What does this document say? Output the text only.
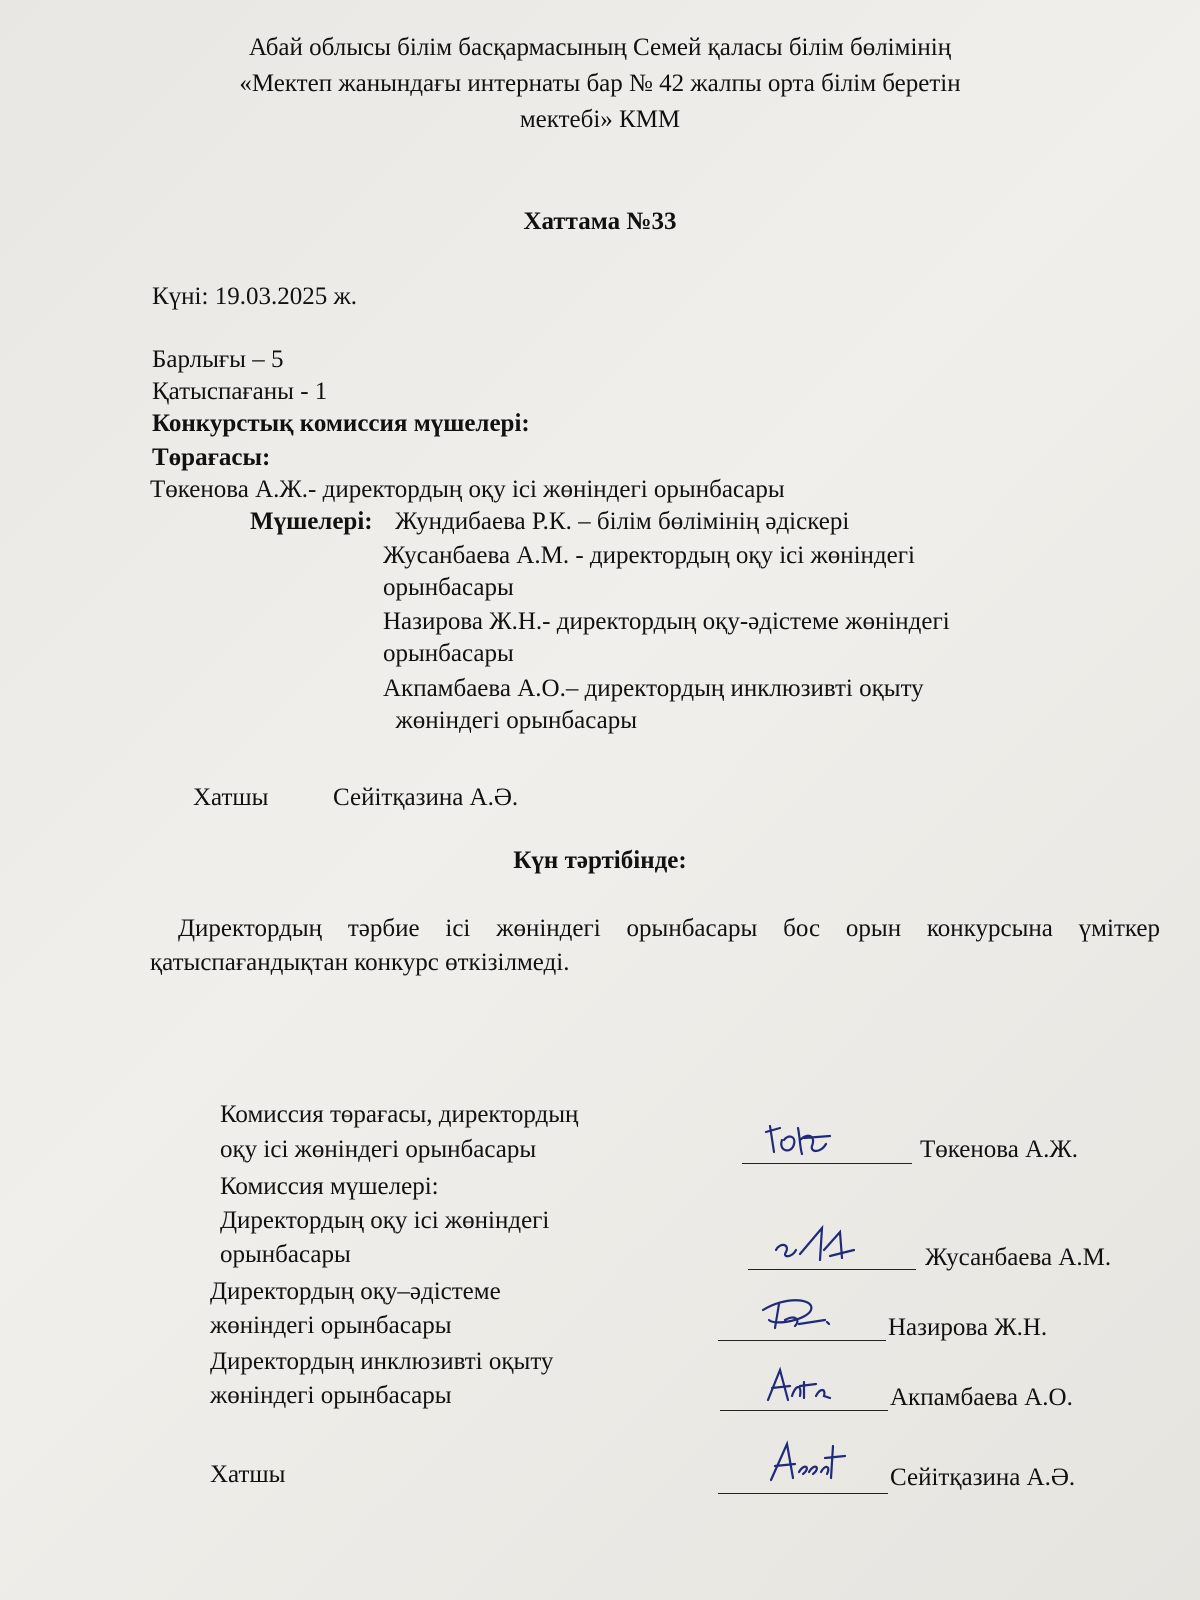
Абай облысы білім басқармасының Семей қаласы білім бөлімінің
«Мектеп жанындағы интернаты бар № 42 жалпы орта білім беретін
мектебі» КММ
Хаттама №33
Күні: 19.03.2025 ж.
Барлығы – 5
Қатыспағаны - 1
Конкурстық комиссия мүшелері:
Төрағасы:
Төкенова А.Ж.- директордың оқу ісі жөніндегі орынбасары
Мүшелері: Жундибаева Р.К. – білім бөлімінің әдіскері
Жусанбаева А.М. - директордың оқу ісі жөніндегі
орынбасары
Назирова Ж.Н.- директордың оқу-әдістеме жөніндегі
орынбасары
Акпамбаева А.О.– директордың инклюзивті оқыту
жөніндегі орынбасары
Хатшы	Сейітқазина А.Ә.
Күн тәртібінде:
Директордың тәрбие ісі жөніндегі орынбасары бос орын конкурсына үміткер қатыспағандықтан конкурс өткізілмеді.
Комиссия төрағасы, директордың
оқу ісі жөніндегі орынбасары	Төкенова А.Ж.
Комиссия мүшелері:
Директордың оқу ісі жөніндегі
орынбасары	Жусанбаева А.М.
Директордың оқу–әдістеме
жөніндегі орынбасары	Назирова Ж.Н.
Директордың инклюзивті оқыту
жөніндегі орынбасары	Акпамбаева А.О.
Хатшы	Сейітқазина А.Ә.
